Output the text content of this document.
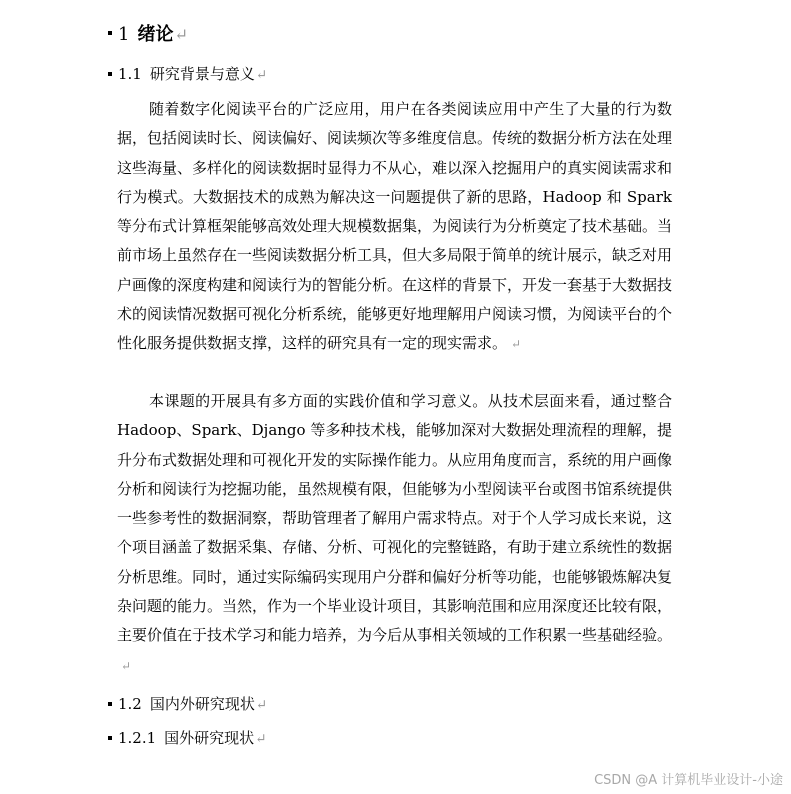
1 绪论 ↵
1.1 研究背景与意义 ↵

随着数字化阅读平台的广泛应用，用户在各类阅读应用中产生了大量的行为数据，包括阅读时长、阅读偏好、阅读频次等多维度信息。传统的数据分析方法在处理这些海量、多样化的阅读数据时显得力不从心，难以深入挖掘用户的真实阅读需求和行为模式。大数据技术的成熟为解决这一问题提供了新的思路，Hadoop 和 Spark 等分布式计算框架能够高效处理大规模数据集，为阅读行为分析奠定了技术基础。当前市场上虽然存在一些阅读数据分析工具，但大多局限于简单的统计展示，缺乏对用户画像的深度构建和阅读行为的智能分析。在这样的背景下，开发一套基于大数据技术的阅读情况数据可视化分析系统，能够更好地理解用户阅读习惯，为阅读平台的个性化服务提供数据支撑，这样的研究具有一定的现实需求。 ↵

本课题的开展具有多方面的实践价值和学习意义。从技术层面来看，通过整合 Hadoop、Spark、Django 等多种技术栈，能够加深对大数据处理流程的理解，提升分布式数据处理和可视化开发的实际操作能力。从应用角度而言，系统的用户画像分析和阅读行为挖掘功能，虽然规模有限，但能够为小型阅读平台或图书馆系统提供一些参考性的数据洞察，帮助管理者了解用户需求特点。对于个人学习成长来说，这个项目涵盖了数据采集、存储、分析、可视化的完整链路，有助于建立系统性的数据分析思维。同时，通过实际编码实现用户分群和偏好分析等功能，也能够锻炼解决复杂问题的能力。当然，作为一个毕业设计项目，其影响范围和应用深度还比较有限，主要价值在于技术学习和能力培养，为今后从事相关领域的工作积累一些基础经验。↵

1.2 国内外研究现状 ↵
1.2.1 国外研究现状 ↵
CSDN @A 计算机毕业设计-小途
